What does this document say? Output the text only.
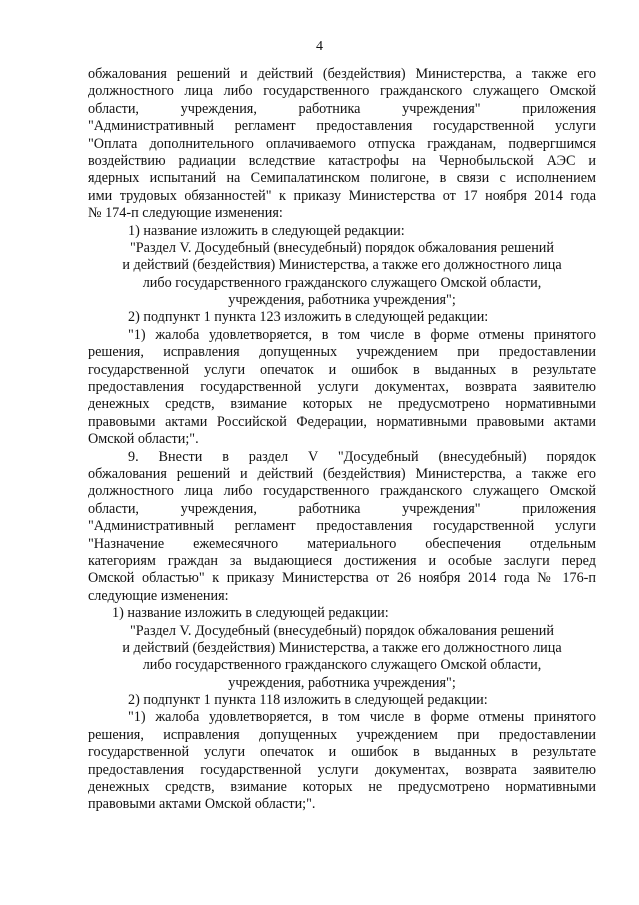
4
обжалования решений и действий (бездействия) Министерства, а также его
должностного лица либо государственного гражданского служащего Омской
области, учреждения, работника учреждения" приложения
"Административный регламент предоставления государственной услуги
"Оплата дополнительного оплачиваемого отпуска гражданам, подвергшимся
воздействию радиации вследствие катастрофы на Чернобыльской АЭС и
ядерных испытаний на Семипалатинском полигоне, в связи с исполнением
ими трудовых обязанностей" к приказу Министерства от 17 ноября 2014 года
№ 174-п следующие изменения:
1) название изложить в следующей редакции:
"Раздел V. Досудебный (внесудебный) порядок обжалования решений
и действий (бездействия) Министерства, а также его должностного лица
либо государственного гражданского служащего Омской области,
учреждения, работника учреждения";
2) подпункт 1 пункта 123 изложить в следующей редакции:
"1) жалоба удовлетворяется, в том числе в форме отмены принятого
решения, исправления допущенных учреждением при предоставлении
государственной услуги опечаток и ошибок в выданных в результате
предоставления государственной услуги документах, возврата заявителю
денежных средств, взимание которых не предусмотрено нормативными
правовыми актами Российской Федерации, нормативными правовыми актами
Омской области;".
9. Внести в раздел V "Досудебный (внесудебный) порядок
обжалования решений и действий (бездействия) Министерства, а также его
должностного лица либо государственного гражданского служащего Омской
области, учреждения, работника учреждения" приложения
"Административный регламент предоставления государственной услуги
"Назначение ежемесячного материального обеспечения отдельным
категориям граждан за выдающиеся достижения и особые заслуги перед
Омской областью" к приказу Министерства от 26 ноября 2014 года № 176-п
следующие изменения:
1) название изложить в следующей редакции:
"Раздел V. Досудебный (внесудебный) порядок обжалования решений
и действий (бездействия) Министерства, а также его должностного лица
либо государственного гражданского служащего Омской области,
учреждения, работника учреждения";
2) подпункт 1 пункта 118 изложить в следующей редакции:
"1) жалоба удовлетворяется, в том числе в форме отмены принятого
решения, исправления допущенных учреждением при предоставлении
государственной услуги опечаток и ошибок в выданных в результате
предоставления государственной услуги документах, возврата заявителю
денежных средств, взимание которых не предусмотрено нормативными
правовыми актами Омской области;".
